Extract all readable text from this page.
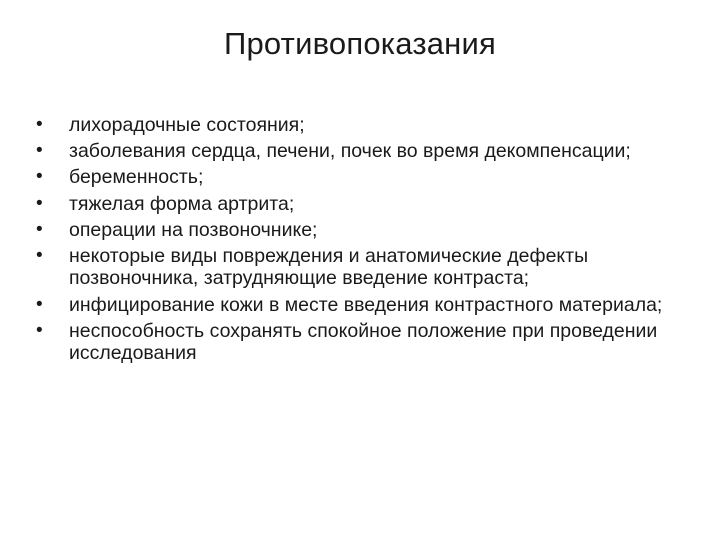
Противопоказания
• лихорадочные состояния;
• заболевания сердца, печени, почек во время декомпенсации;
• беременность;
• тяжелая форма артрита;
• операции на позвоночнике;
• некоторые виды повреждения и анатомические дефекты позвоночника, затрудняющие введение контраста;
• инфицирование кожи в месте введения контрастного материала;
• неспособность сохранять спокойное положение при проведении исследования
